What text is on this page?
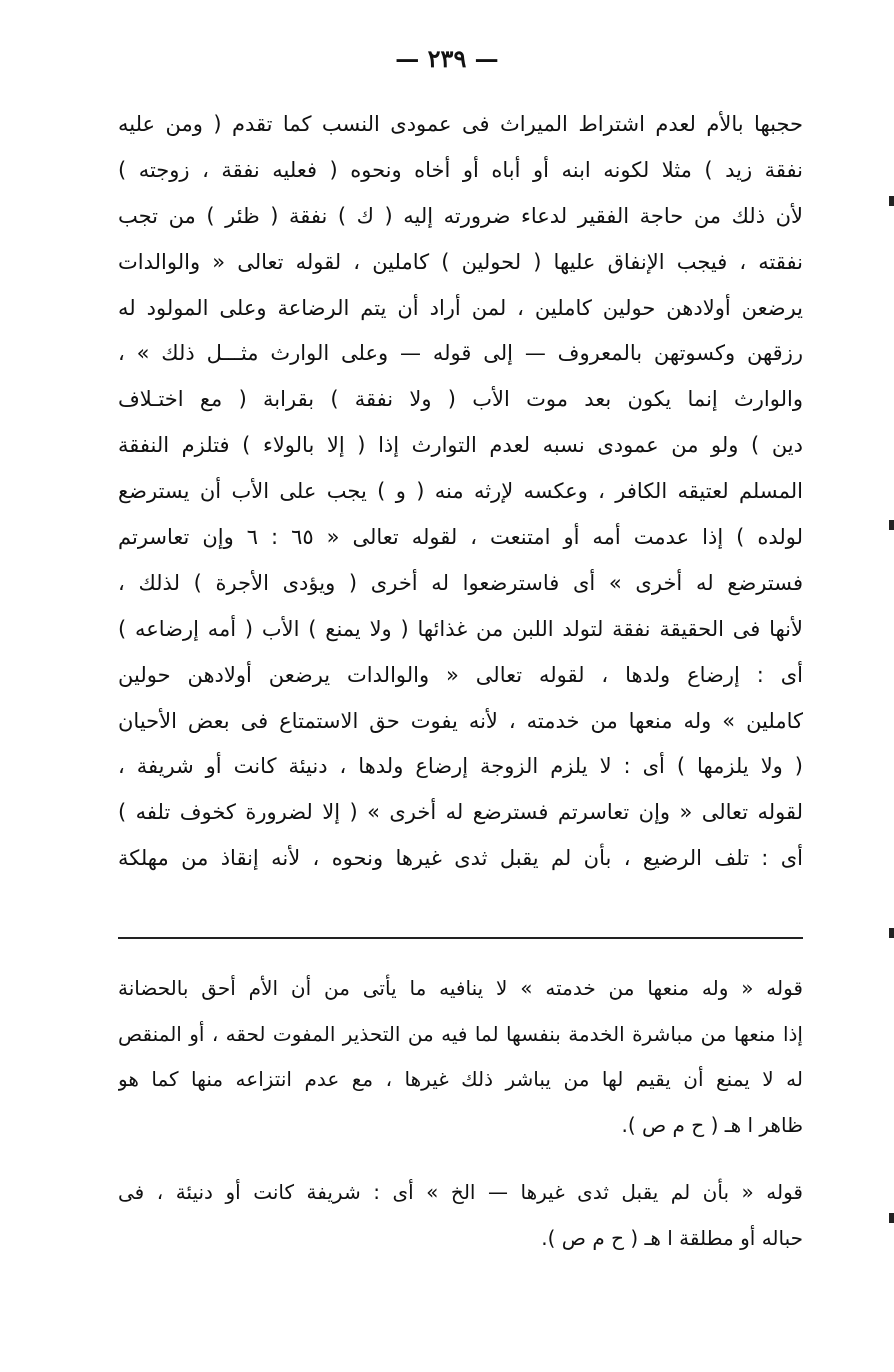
— ٢٣٩ —
حجبها بالأم لعدم اشتراط الميراث فى عمودى النسب كما تقدم ( ومن عليه
نفقة زيد ) مثلا لكونه ابنه أو أباه أو أخاه ونحوه ( فعليه نفقة ، زوجته )
لأن ذلك من حاجة الفقير لدعاء ضرورته إليه ( ك ) نفقة ( ظئر ) من تجب
نفقته ، فيجب الإنفاق عليها ( لحولين ) كاملين ، لقوله تعالى « والوالدات
يرضعن أولادهن حولين كاملين ، لمن أراد أن يتم الرضاعة وعلى المولود له
رزقهن وكسوتهن بالمعروف — إلى قوله — وعلى الوارث مثـــل ذلك » ،
والوارث إنما يكون بعد موت الأب ( ولا نفقة ) بقرابة ( مع اختـلاف
دين ) ولو من عمودى نسبه لعدم التوارث إذا ( إلا بالولاء ) فتلزم النفقة
المسلم لعتيقه الكافر ، وعكسه لإرثه منه ( و ) يجب على الأب أن يسترضع
لولده ) إذا عدمت أمه أو امتنعت ، لقوله تعالى « ٦٥ : ٦ وإن تعاسرتم
فسترضع له أخرى » أى فاسترضعوا له أخرى ( ويؤدى الأجرة ) لذلك ،
لأنها فى الحقيقة نفقة لتولد اللبن من غذائها ( ولا يمنع ) الأب ( أمه إرضاعه )
أى : إرضاع ولدها ، لقوله تعالى « والوالدات يرضعن أولادهن حولين
كاملين » وله منعها من خدمته ، لأنه يفوت حق الاستمتاع فى بعض الأحيان
( ولا يلزمها ) أى : لا يلزم الزوجة إرضاع ولدها ، دنيئة كانت أو شريفة ،
لقوله تعالى « وإن تعاسرتم فسترضع له أخرى » ( إلا لضرورة كخوف تلفه )
أى : تلف الرضيع ، بأن لم يقبل ثدى غيرها ونحوه ، لأنه إنقاذ من مهلكة
قوله « وله منعها من خدمته » لا ينافيه ما يأتى من أن الأم أحق بالحضانة
إذا منعها من مباشرة الخدمة بنفسها لما فيه من التحذير المفوت لحقه ، أو المنقص
له لا يمنع أن يقيم لها من يباشر ذلك غيرها ، مع عدم انتزاعه منها كما هو
ظاهر ا هـ ( ح م ص ).
قوله « بأن لم يقبل ثدى غيرها — الخ » أى : شريفة كانت أو دنيئة ، فى
حباله أو مطلقة ا هـ ( ح م ص ).
